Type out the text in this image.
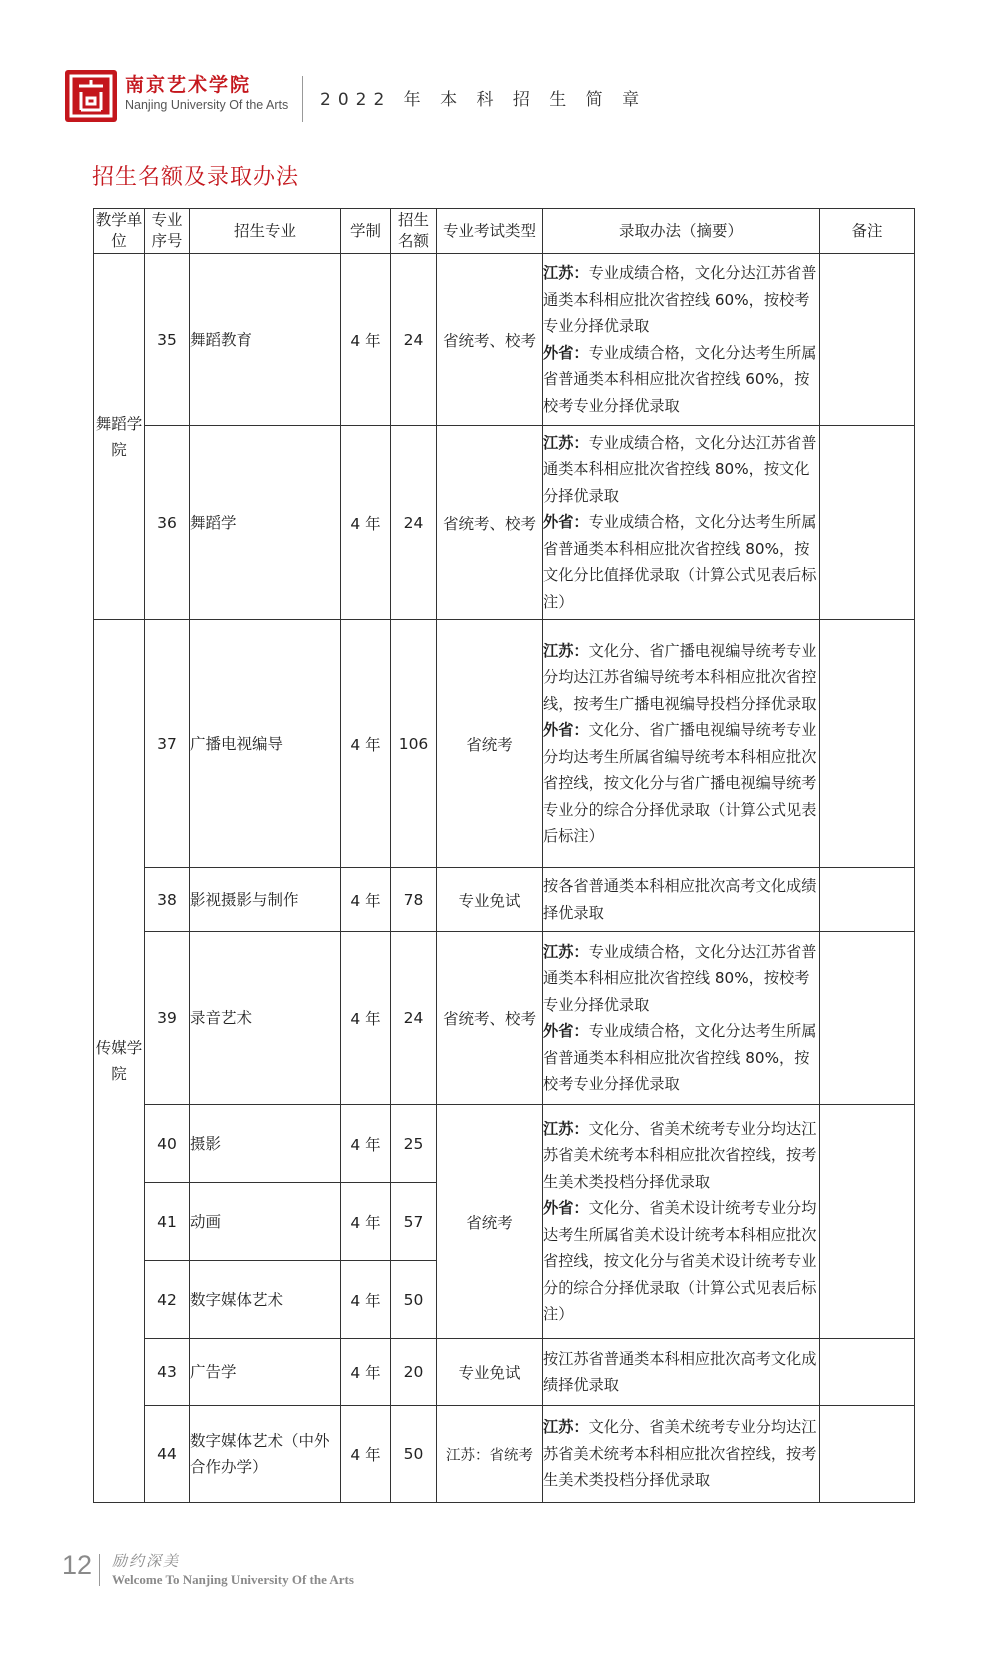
南京艺术学院
Nanjing University Of the Arts 2022 年 本 科 招 生 简 章
招生名额及录取办法
教学单位	专业序号	招生专业	学制	招生名额	专业考试类型	录取办法（摘要）	备注
舞蹈学院	35	舞蹈教育	4 年	24	省统考、校考	江苏：专业成绩合格，文化分达江苏省普通类本科相应批次省控线 60%，按校考专业分择优录取
外省：专业成绩合格，文化分达考生所属省普通类本科相应批次省控线 60%，按校考专业分择优录取	
	36	舞蹈学	4 年	24	省统考、校考	江苏：专业成绩合格，文化分达江苏省普通类本科相应批次省控线 80%，按文化分择优录取
外省：专业成绩合格，文化分达考生所属省普通类本科相应批次省控线 80%，按文化分比值择优录取（计算公式见表后标注）	
传媒学院	37	广播电视编导	4 年	106	省统考	江苏：文化分、省广播电视编导统考专业分均达江苏省编导统考本科相应批次省控线，按考生广播电视编导投档分择优录取
外省：文化分、省广播电视编导统考专业分均达考生所属省编导统考本科相应批次省控线，按文化分与省广播电视编导统考专业分的综合分择优录取（计算公式见表后标注）	
	38	影视摄影与制作	4 年	78	专业免试	按各省普通类本科相应批次高考文化成绩择优录取	
	39	录音艺术	4 年	24	省统考、校考	江苏：专业成绩合格，文化分达江苏省普通类本科相应批次省控线 80%，按校考专业分择优录取
外省：专业成绩合格，文化分达考生所属省普通类本科相应批次省控线 80%，按校考专业分择优录取	
	40	摄影	4 年	25	省统考	江苏：文化分、省美术统考专业分均达江苏省美术统考本科相应批次省控线，按考生美术类投档分择优录取
外省：文化分、省美术设计统考专业分均达考生所属省美术设计统考本科相应批次省控线，按文化分与省美术设计统考专业分的综合分择优录取（计算公式见表后标注）	
	41	动画	4 年	57			
	42	数字媒体艺术	4 年	50			
	43	广告学	4 年	20	专业免试	按江苏省普通类本科相应批次高考文化成绩择优录取	
	44	数字媒体艺术（中外合作办学）	4 年	50	江苏：省统考	江苏：文化分、省美术统考专业分均达江苏省美术统考本科相应批次省控线，按考生美术类投档分择优录取	
12 励约深美
Welcome To Nanjing University Of the Arts
